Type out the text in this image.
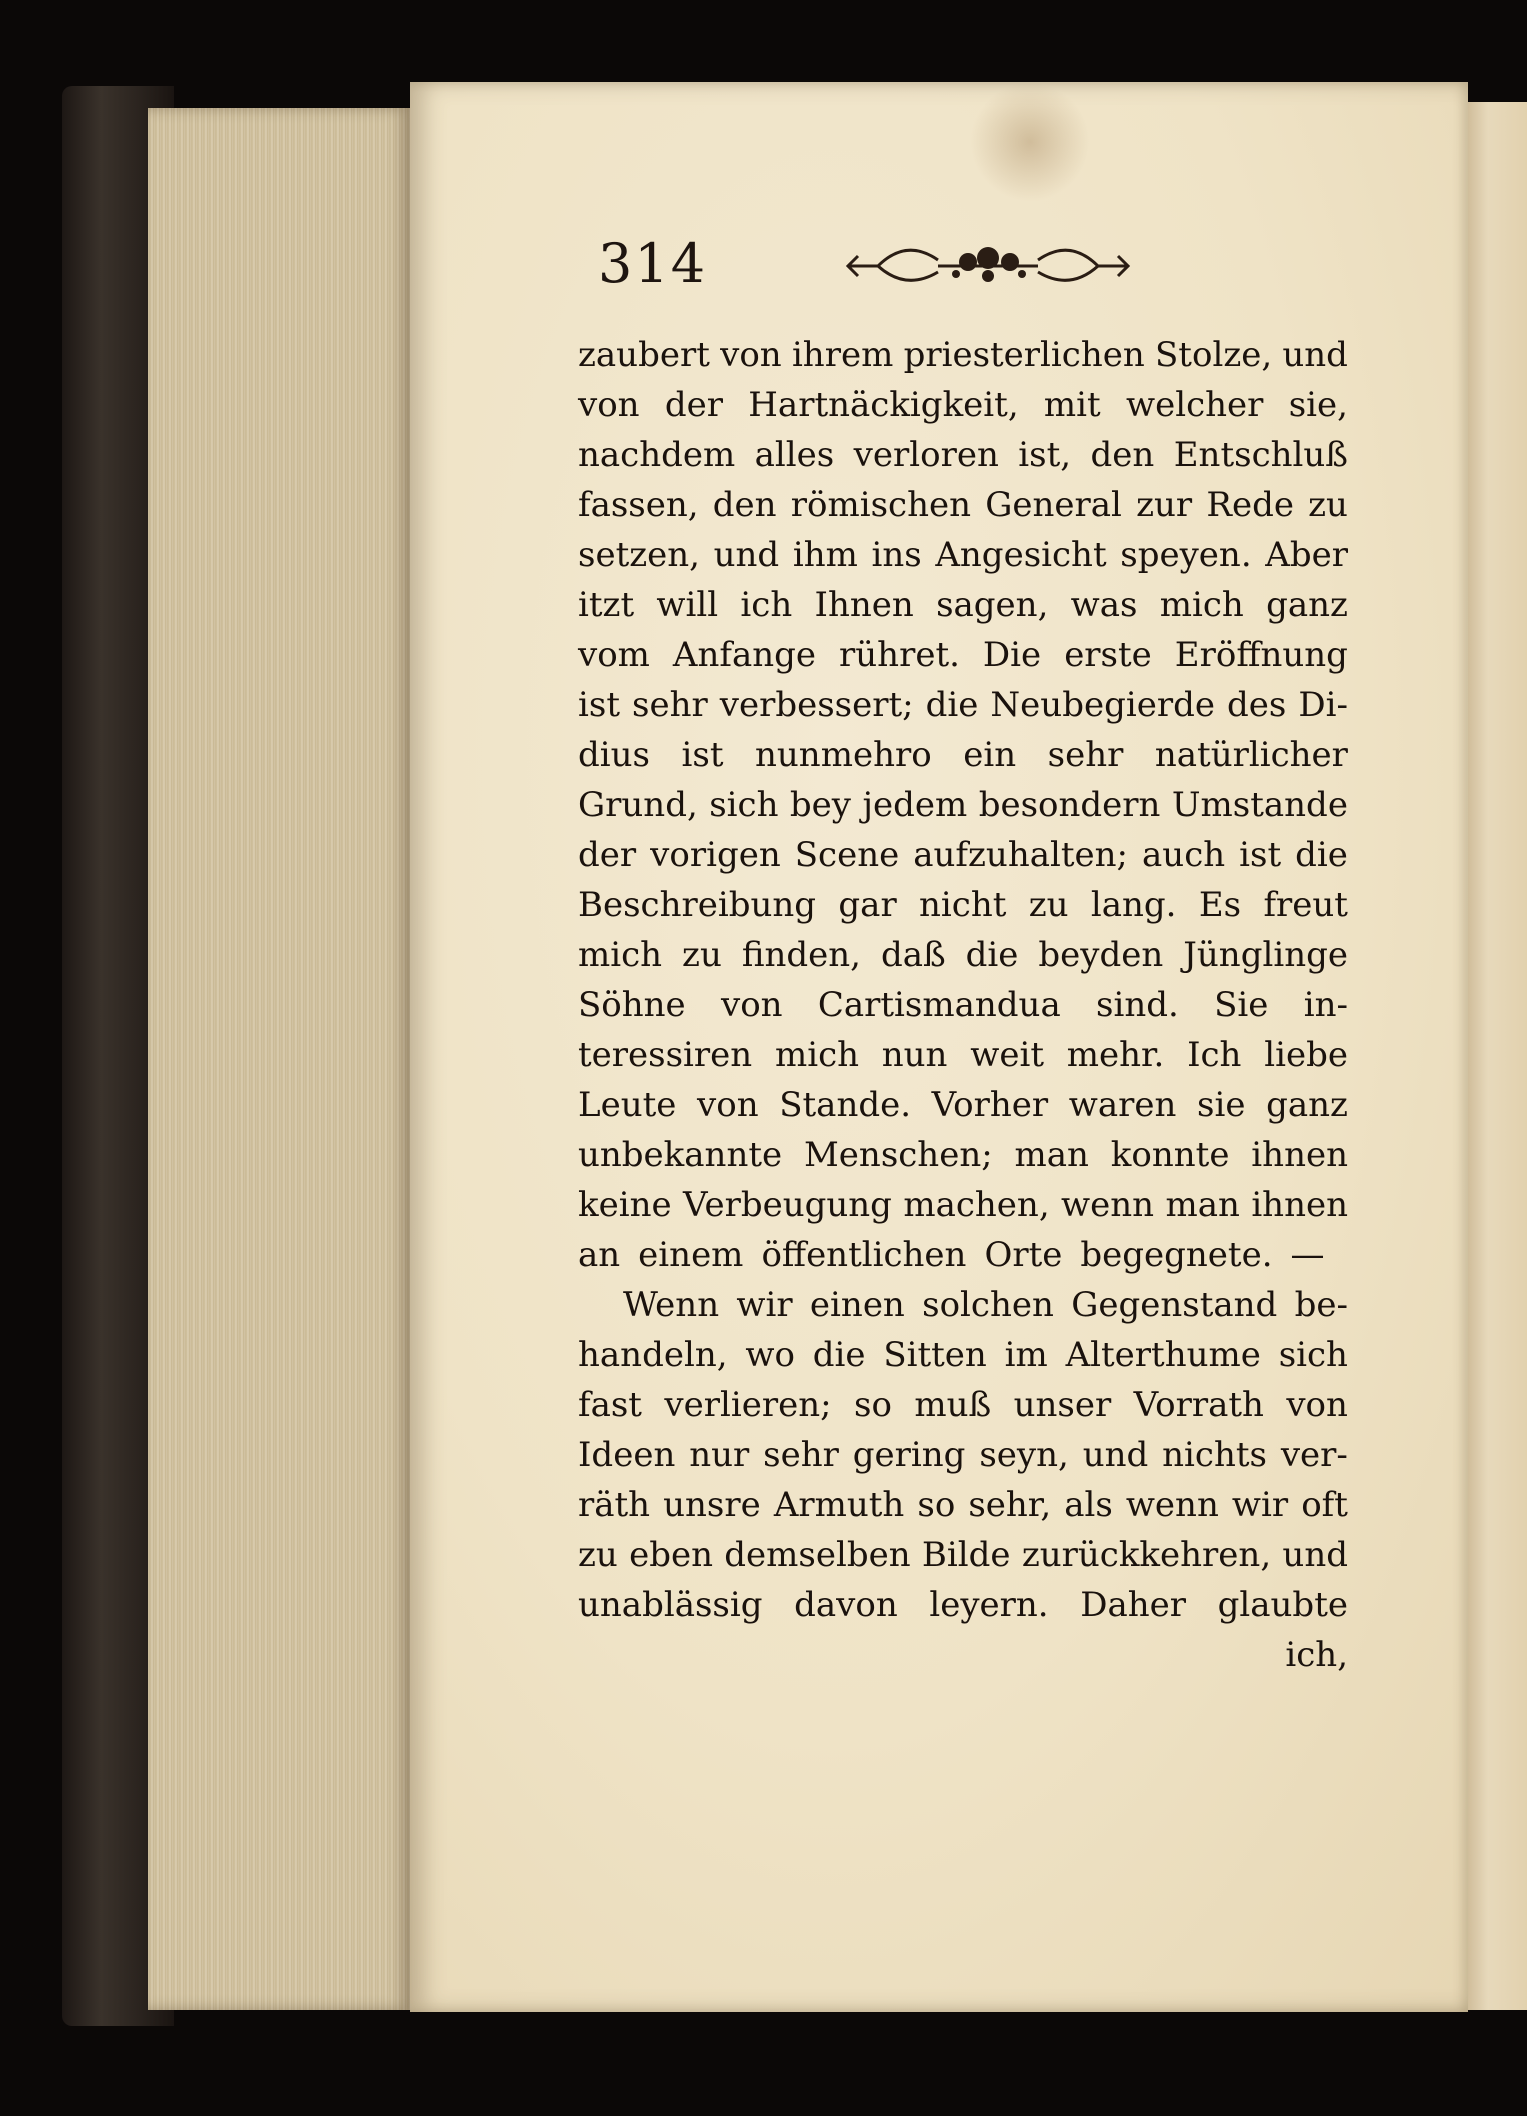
314
zaubert von ihrem priesterlichen Stolze, und
von der Hartnäckigkeit, mit welcher sie,
nachdem alles verloren ist, den Entschluß
fassen, den römischen General zur Rede zu
setzen, und ihm ins Angesicht speyen. Aber
itzt will ich Ihnen sagen, was mich ganz
vom Anfange rühret. Die erste Eröffnung
ist sehr verbessert; die Neubegierde des Di-
dius ist nunmehro ein sehr natürlicher
Grund, sich bey jedem besondern Umstande
der vorigen Scene aufzuhalten; auch ist die
Beschreibung gar nicht zu lang. Es freut
mich zu finden, daß die beyden Jünglinge
Söhne von Cartismandua sind. Sie in-
teressiren mich nun weit mehr. Ich liebe
Leute von Stande. Vorher waren sie ganz
unbekannte Menschen; man konnte ihnen
keine Verbeugung machen, wenn man ihnen
an einem öffentlichen Orte begegnete. —
Wenn wir einen solchen Gegenstand be-
handeln, wo die Sitten im Alterthume sich
fast verlieren; so muß unser Vorrath von
Ideen nur sehr gering seyn, und nichts ver-
räth unsre Armuth so sehr, als wenn wir oft
zu eben demselben Bilde zurückkehren, und
unablässig davon leyern. Daher glaubte
ich,
